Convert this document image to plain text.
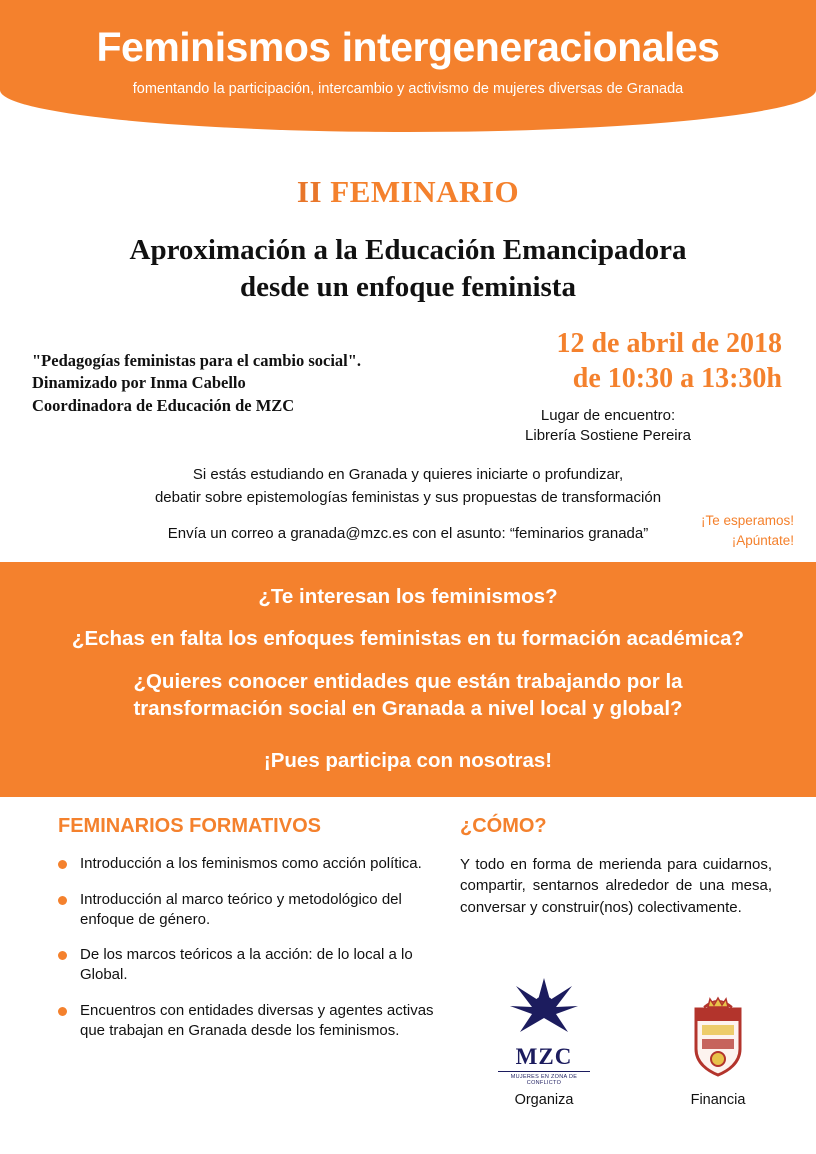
Feminismos intergeneracionales

fomentando la participación, intercambio y activismo de mujeres diversas de Granada

II FEMINARIO
Aproximación a la Educación Emancipadora
desde un enfoque feminista
"Pedagogías feministas para el cambio social".
Dinamizado por Inma Cabello
Coordinadora de Educación de MZC
12 de abril de 2018
de 10:30 a 13:30h
Lugar de encuentro:
Librería Sostiene Pereira
Si estás estudiando en Granada y quieres iniciarte o profundizar,
debatir sobre epistemologías feministas y sus propuestas de transformación
Envía un correo a granada@mzc.es con el asunto: “feminarios granada”
¡Te esperamos!
¡Apúntate!

¿Te interesan los feminismos?

¿Echas en falta los enfoques feministas en tu formación académica?

¿Quieres conocer entidades que están trabajando por la
transformación social en Granada a nivel local y global?

¡Pues participa con nosotras!

FEMINARIOS FORMATIVOS
Introducción a los feminismos como acción política.
Introducción al marco teórico y metodológico del enfoque de género.
De los marcos teóricos a la acción: de lo local a lo Global.
Encuentros con entidades diversas y agentes activas que trabajan en Granada desde los feminismos.
¿CÓMO?

Y todo en forma de merienda para cuidarnos, compartir, sentarnos alrededor de una mesa, conversar y construir(nos) colectivamente.

MZC
MUJERES EN ZONA DE CONFLICTO
Organiza	Financia
